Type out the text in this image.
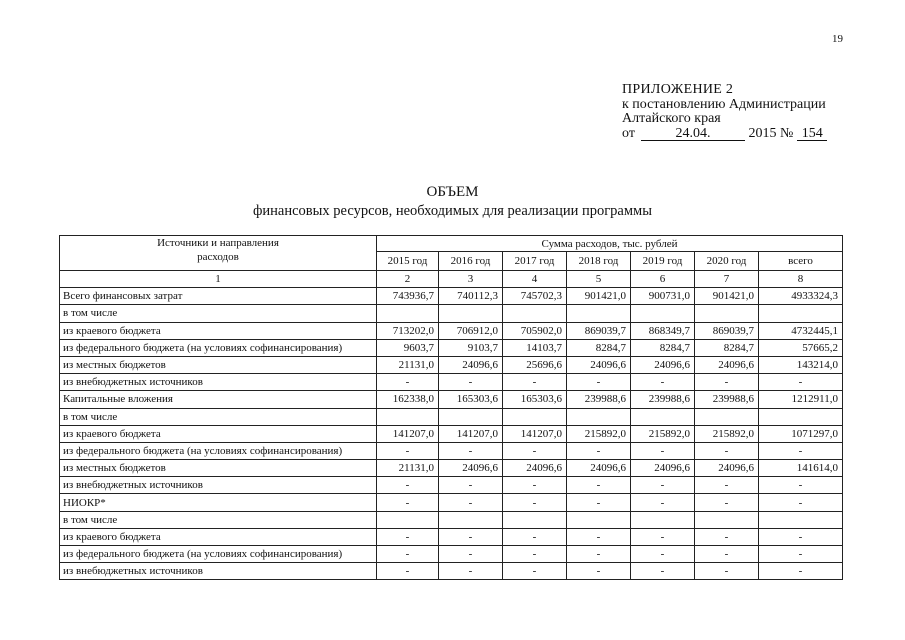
19
ПРИЛОЖЕНИЕ 2
к постановлению Администрации
Алтайского края
от	24.04.	2015 № 154
ОБЪЕМ
финансовых ресурсов, необходимых для реализации программы
Источники и направления
расходов	Сумма расходов, тыс. рублей						
	2015 год	2016 год	2017 год	2018 год	2019 год	2020 год	всего
1	2	3	4	5	6	7	8
Всего финансовых затрат	743936,7	740112,3	745702,3	901421,0	900731,0	901421,0	4933324,3
в том числе							
из краевого бюджета	713202,0	706912,0	705902,0	869039,7	868349,7	869039,7	4732445,1
из федерального бюджета (на условиях софинансирования)	9603,7	9103,7	14103,7	8284,7	8284,7	8284,7	57665,2
из местных бюджетов	21131,0	24096,6	25696,6	24096,6	24096,6	24096,6	143214,0
из внебюджетных источников	-	-	-	-	-	-	-
Капитальные вложения	162338,0	165303,6	165303,6	239988,6	239988,6	239988,6	1212911,0
в том числе							
из краевого бюджета	141207,0	141207,0	141207,0	215892,0	215892,0	215892,0	1071297,0
из федерального бюджета (на условиях софинансирования)	-	-	-	-	-	-	-
из местных бюджетов	21131,0	24096,6	24096,6	24096,6	24096,6	24096,6	141614,0
из внебюджетных источников	-	-	-	-	-	-	-
НИОКР*	-	-	-	-	-	-	-
в том числе							
из краевого бюджета	-	-	-	-	-	-	-
из федерального бюджета (на условиях софинансирования)	-	-	-	-	-	-	-
из внебюджетных источников	-	-	-	-	-	-	-
